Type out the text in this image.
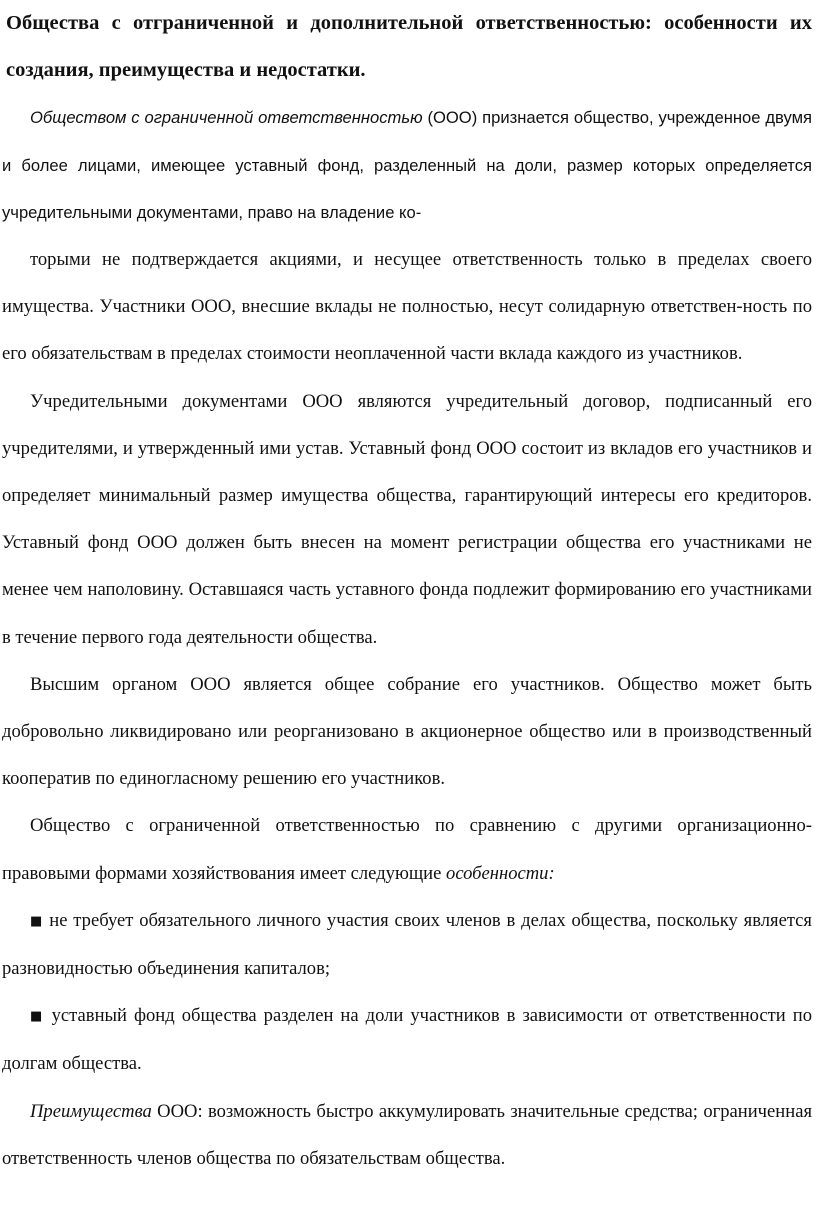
Общества с отграниченной и дополнительной ответственностью: особенности их создания, преимущества и недостатки.

Обществом с ограниченной ответственностью (ООО) признается общество, учрежденное двумя и более лицами, имеющее уставный фонд, разделенный на доли, размер которых определяется учредительными документами, право на владение ко-

торыми не подтверждается акциями, и несущее ответственность только в пределах своего имущества. Участники ООО, внесшие вклады не полностью, несут солидарную ответствен-ность по его обязательствам в пределах стоимости неоплаченной части вклада каждого из участников.

Учредительными документами ООО являются учредительный договор, подписанный его учредителями, и утвержденный ими устав. Уставный фонд ООО состоит из вкладов его участников и определяет минимальный размер имущества общества, гарантирующий интересы его кредиторов. Уставный фонд ООО должен быть внесен на момент регистрации общества его участниками не менее чем наполовину. Оставшаяся часть уставного фонда подлежит формированию его участниками в течение первого года деятельности общества.

Высшим органом ООО является общее собрание его участников. Общество может быть добровольно ликвидировано или реорганизовано в акционерное общество или в производственный кооператив по единогласному решению его участников.

Общество с ограниченной ответственностью по сравнению с другими организационно-правовыми формами хозяйствования имеет следующие особенности:

■ не требует обязательного личного участия своих членов в делах общества, поскольку является разновидностью объединения капиталов;

■ уставный фонд общества разделен на доли участников в зависимости от ответственности по долгам общества.

Преимущества ООО: возможность быстро аккумулировать значительные средства; ограниченная ответственность членов общества по обязательствам общества.
